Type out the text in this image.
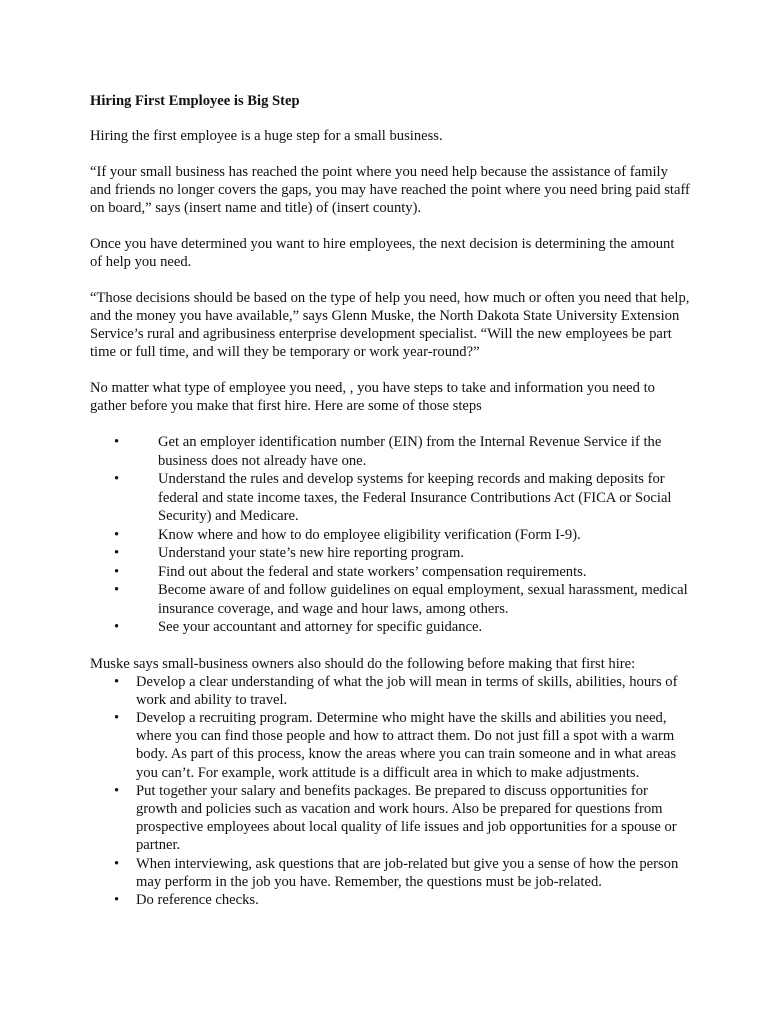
Hiring First Employee is Big Step

Hiring the first employee is a huge step for a small business.

“If your small business has reached the point where you need help because the assistance of family and friends no longer covers the gaps, you may have reached the point where you need bring paid staff on board,” says (insert name and title) of (insert county).

Once you have determined you want to hire employees, the next decision is determining the amount of help you need.

“Those decisions should be based on the type of help you need, how much or often you need that help, and the money you have available,” says Glenn Muske, the North Dakota State University Extension Service’s rural and agribusiness enterprise development specialist. “Will the new employees be part time or full time, and will they be temporary or work year-round?”

No matter what type of employee you need, , you have steps to take and information you need to gather before you make that first hire. Here are some of those steps

•	Get an employer identification number (EIN) from the Internal Revenue Service if the business does not already have one.
•	Understand the rules and develop systems for keeping records and making deposits for federal and state income taxes, the Federal Insurance Contributions Act (FICA or Social Security) and Medicare.
•	Know where and how to do employee eligibility verification (Form I-9).
•	Understand your state’s new hire reporting program.
•	Find out about the federal and state workers’ compensation requirements.
•	Become aware of and follow guidelines on equal employment, sexual harassment, medical insurance coverage, and wage and hour laws, among others.
•	See your accountant and attorney for specific guidance.

Muske says small-business owners also should do the following before making that first hire:

• Develop a clear understanding of what the job will mean in terms of skills, abilities, hours of work and ability to travel.
• Develop a recruiting program. Determine who might have the skills and abilities you need, where you can find those people and how to attract them. Do not just fill a spot with a warm body. As part of this process, know the areas where you can train someone and in what areas you can’t. For example, work attitude is a difficult area in which to make adjustments.
• Put together your salary and benefits packages. Be prepared to discuss opportunities for growth and policies such as vacation and work hours. Also be prepared for questions from prospective employees about local quality of life issues and job opportunities for a spouse or partner.
• When interviewing, ask questions that are job-related but give you a sense of how the person may perform in the job you have. Remember, the questions must be job-related.
• Do reference checks.
